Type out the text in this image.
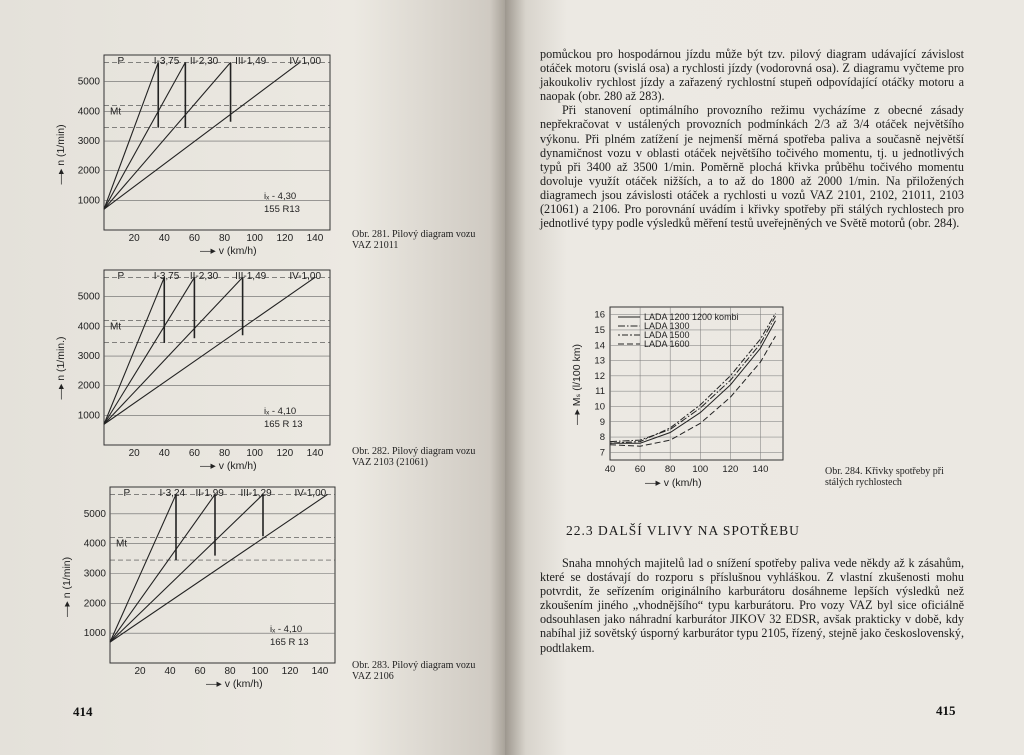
P	I-3,75 II-2,30 III-1,49 IV-1,00
Mt
iₓ - 4,30
155 R13
5000
4000
3000
2000
1000
20 40 60 80 100 120 140
—▸ v (km/h)
—▸ n (1/min)
P	I-3,75 II-2,30 III-1,49 IV-1,00
Mt
iₓ - 4,10
165 R 13
5000
4000
3000
2000
1000
20 40 60 80 100 120 140
—▸ v (km/h)
—▸ n (1/min.)
P	I-3,24 II-1,99 III-1,29 IV-1,00
Mt
iₓ - 4,10
165 R 13
5000
4000
3000
2000
1000
20 40 60 80 100 120 140
—▸ v (km/h)
—▸ n (1/min)
Obr. 281. Pilový diagram vozu VAZ 21011
Obr. 282. Pilový diagram vozu VAZ 2103 (21061)
Obr. 283. Pilový diagram vozu VAZ 2106
414
16
15
14
13
12
11
10
9
8
7
40 60 80 100 120 140
—▸ v (km/h)
—▸ Mₛ (l/100 km)
LADA 1200 1200 kombi
LADA 1300
LADA 1500
LADA 1600
Obr. 284. Křivky spotřeby při stálých rychlostech
415

pomůckou pro hospodárnou jízdu může být tzv. pilový diagram udávající závislost otáček motoru (svislá osa) a rychlosti jízdy (vodorovná osa). Z diagramu vyčteme pro jakoukoliv rychlost jízdy a zařazený rychlostní stupeň odpovídající otáčky motoru a naopak (obr. 280 až 283).

Při stanovení optimálního provozního režimu vycházíme z obecné zásady nepřekračovat v ustálených provozních podmínkách 2/3 až 3/4 otáček největšího výkonu. Při plném zatížení je nejmenší měrná spotřeba paliva a současně největší dynamičnost vozu v oblasti otáček největšího točivého momentu, tj. u jednotlivých typů při 3400 až 3500 1/min. Poměrně plochá křivka průběhu točivého momentu dovoluje využít otáček nižších, a to až do 1800 až 2000 1/min. Na přiložených diagramech jsou závislosti otáček a rychlosti u vozů VAZ 2101, 2102, 21011, 2103 (21061) a 2106. Pro porovnání uvádím i křivky spotřeby při stálých rychlostech pro jednotlivé typy podle výsledků měření testů uveřejněných ve Světě motorů (obr. 284).

22.3 DALŠÍ VLIVY NA SPOTŘEBU

Snaha mnohých majitelů lad o snížení spotřeby paliva vede někdy až k zásahům, které se dostávají do rozporu s příslušnou vyhláškou. Z vlastní zkušenosti mohu potvrdit, že seřízením originálního karburátoru dosáhneme lepších výsledků než zkoušením jiného „vhodnějšího“ typu karburátoru. Pro vozy VAZ byl sice oficiálně odsouhlasen jako náhradní karburátor JIKOV 32 EDSR, avšak prakticky v době, kdy nabíhal již sovětský úsporný karburátor typu 2105, řízený, stejně jako československý, podtlakem.
